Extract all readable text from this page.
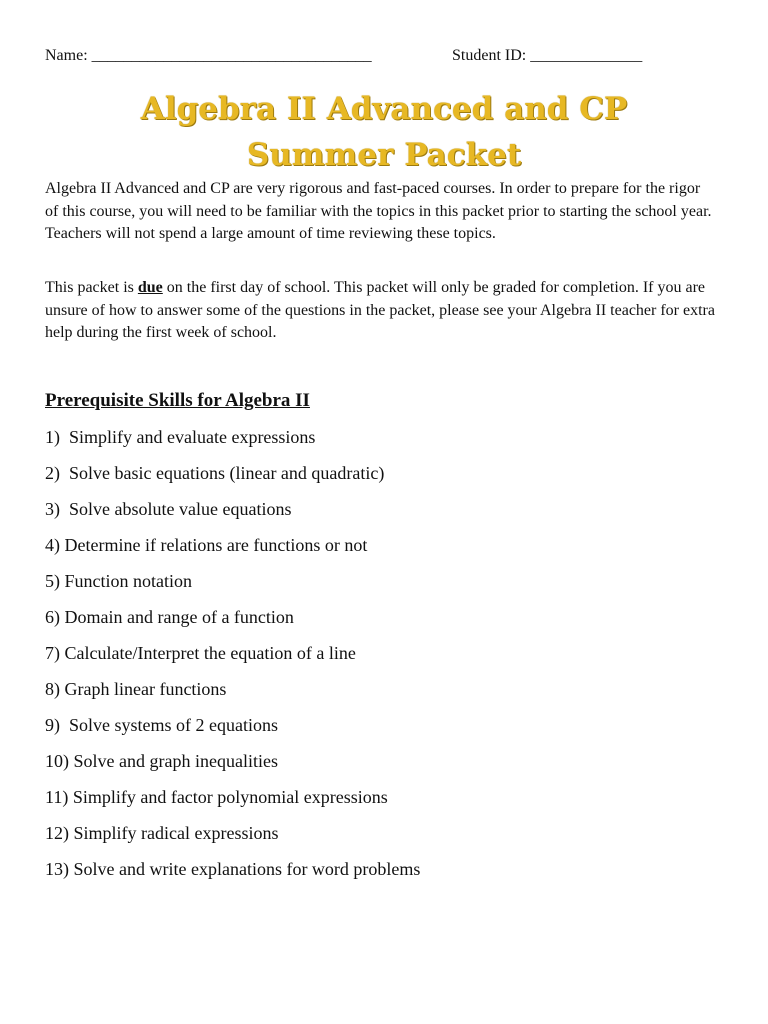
Name: ___________________________________	Student ID: ______________
Algebra II Advanced and CP
Summer Packet
Algebra II Advanced and CP are very rigorous and fast-paced courses. In order to prepare for the rigor of this course, you will need to be familiar with the topics in this packet prior to starting the school year. Teachers will not spend a large amount of time reviewing these topics.
This packet is due on the first day of school. This packet will only be graded for completion. If you are unsure of how to answer some of the questions in the packet, please see your Algebra II teacher for extra help during the first week of school.
Prerequisite Skills for Algebra II
1)  Simplify and evaluate expressions
2)  Solve basic equations (linear and quadratic)
3)  Solve absolute value equations
4) Determine if relations are functions or not
5) Function notation
6) Domain and range of a function
7) Calculate/Interpret the equation of a line
8) Graph linear functions
9)  Solve systems of 2 equations
10) Solve and graph inequalities
11) Simplify and factor polynomial expressions
12) Simplify radical expressions
13) Solve and write explanations for word problems
